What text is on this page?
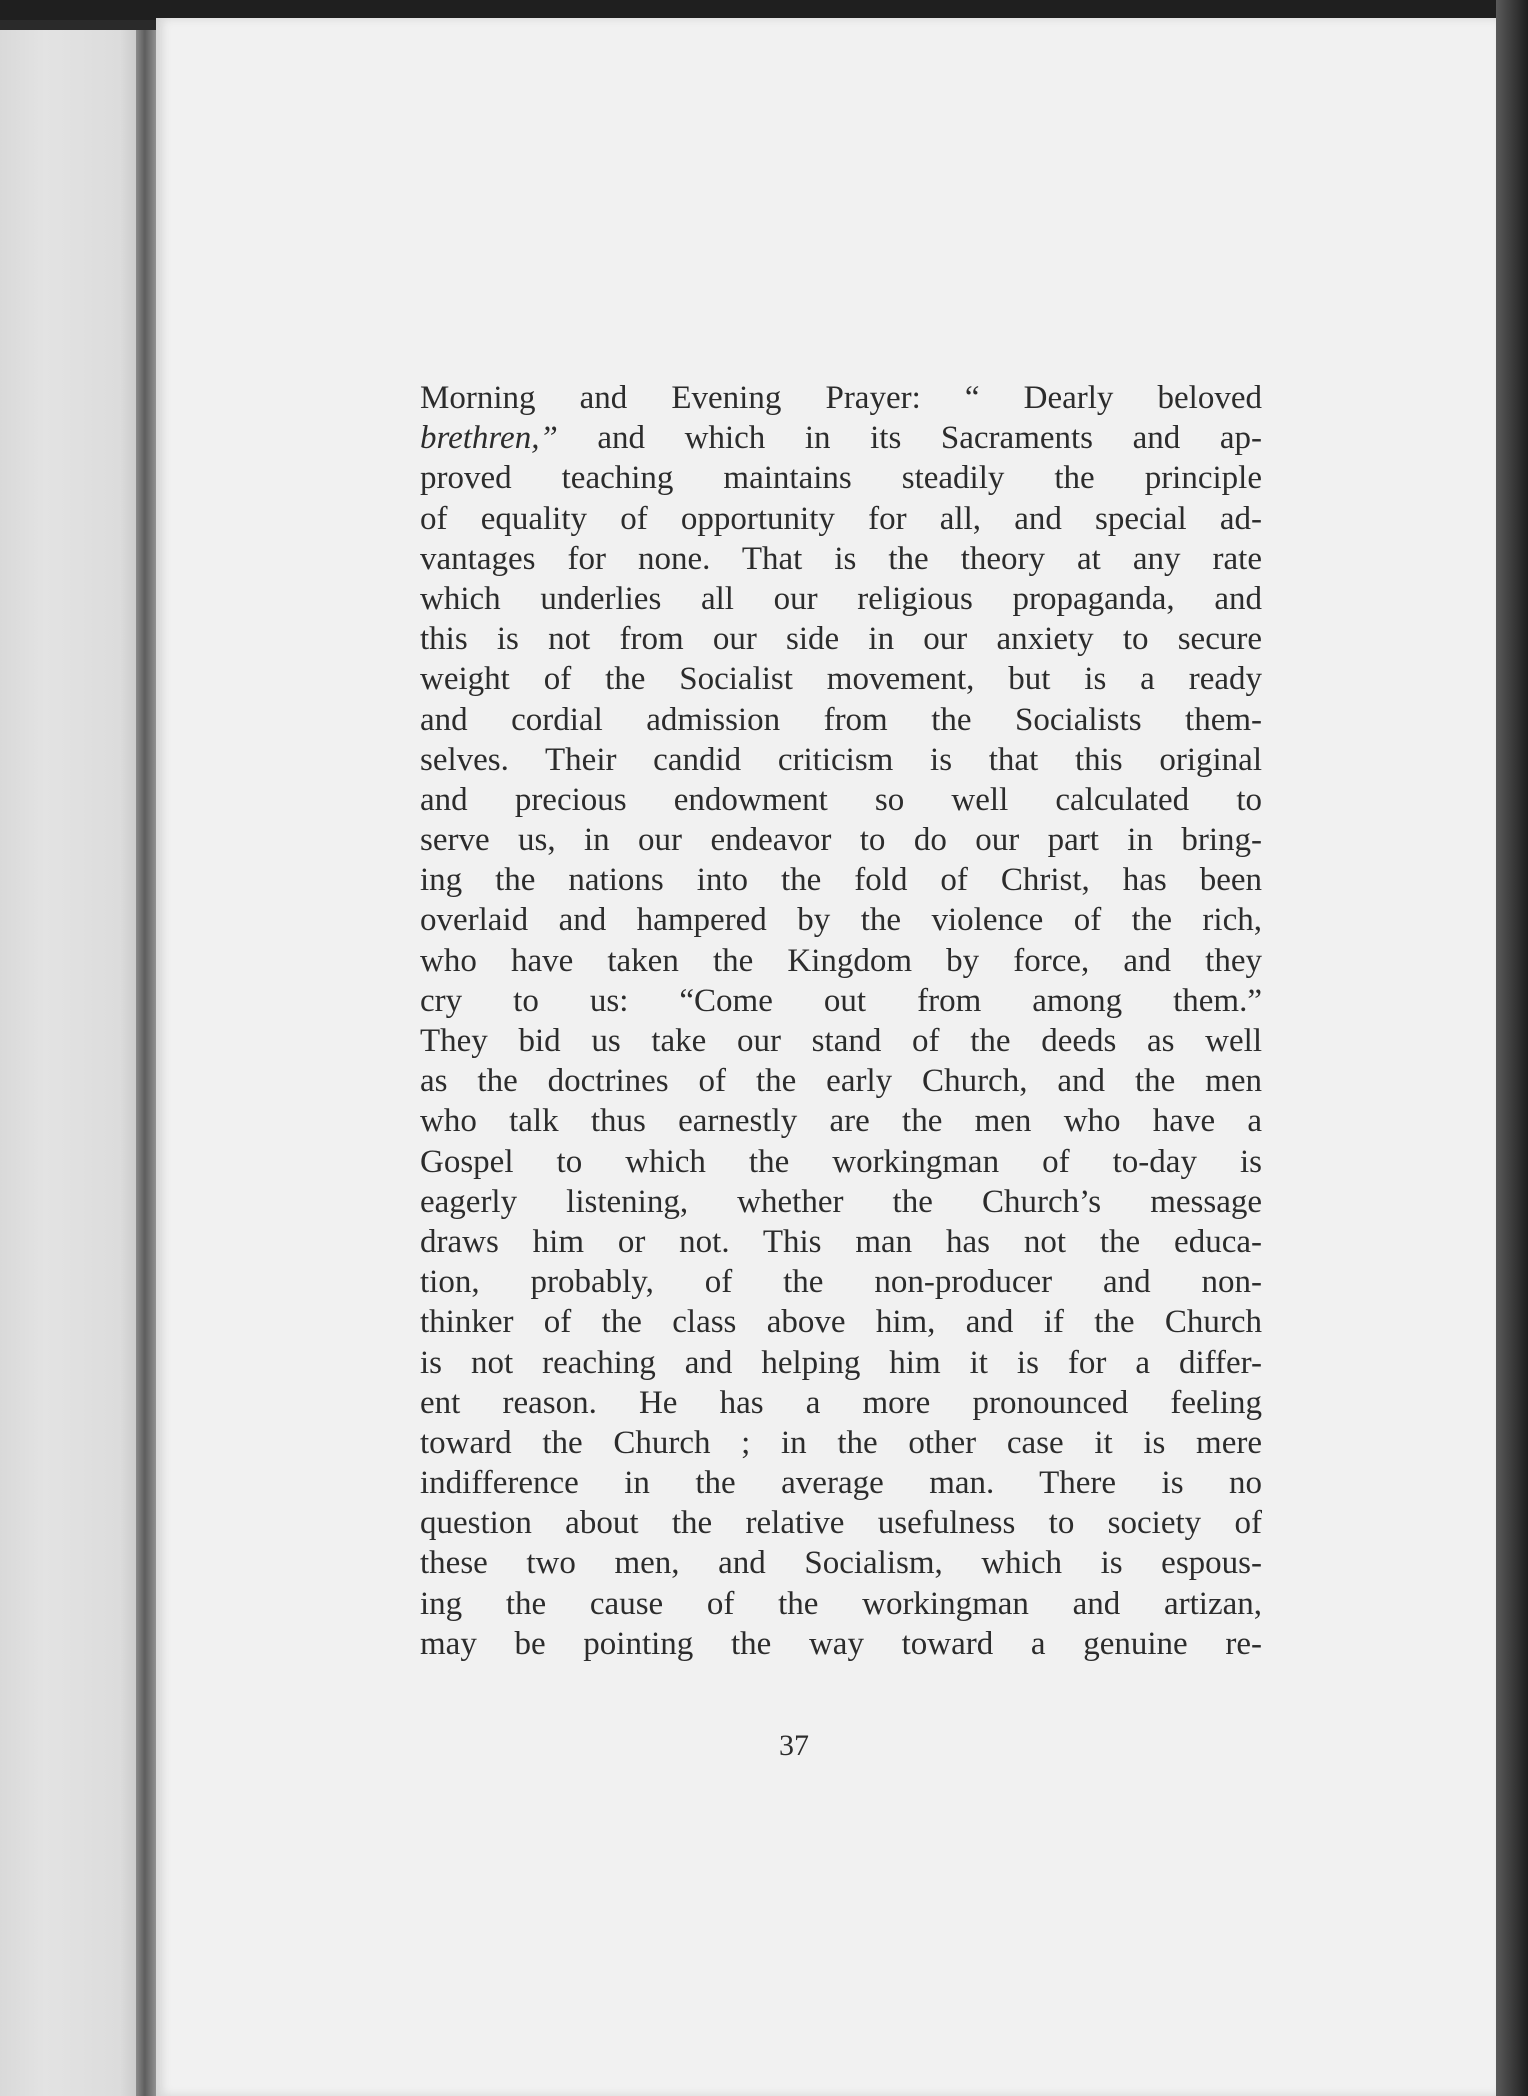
Morning and Evening Prayer: “ Dearly beloved
brethren,” and which in its Sacraments and ap-
proved teaching maintains steadily the principle
of equality of opportunity for all, and special ad-
vantages for none. That is the theory at any rate
which underlies all our religious propaganda, and
this is not from our side in our anxiety to secure
weight of the Socialist movement, but is a ready
and cordial admission from the Socialists them-
selves. Their candid criticism is that this original
and precious endowment so well calculated to
serve us, in our endeavor to do our part in bring-
ing the nations into the fold of Christ, has been
overlaid and hampered by the violence of the rich,
who have taken the Kingdom by force, and they
cry to us: “Come out from among them.”
They bid us take our stand of the deeds as well
as the doctrines of the early Church, and the men
who talk thus earnestly are the men who have a
Gospel to which the workingman of to-day is
eagerly listening, whether the Church’s message
draws him or not. This man has not the educa-
tion, probably, of the non-producer and non-
thinker of the class above him, and if the Church
is not reaching and helping him it is for a differ-
ent reason. He has a more pronounced feeling
toward the Church ; in the other case it is mere
indifference in the average man. There is no
question about the relative usefulness to society of
these two men, and Socialism, which is espous-
ing the cause of the workingman and artizan,
may be pointing the way toward a genuine re-
37
